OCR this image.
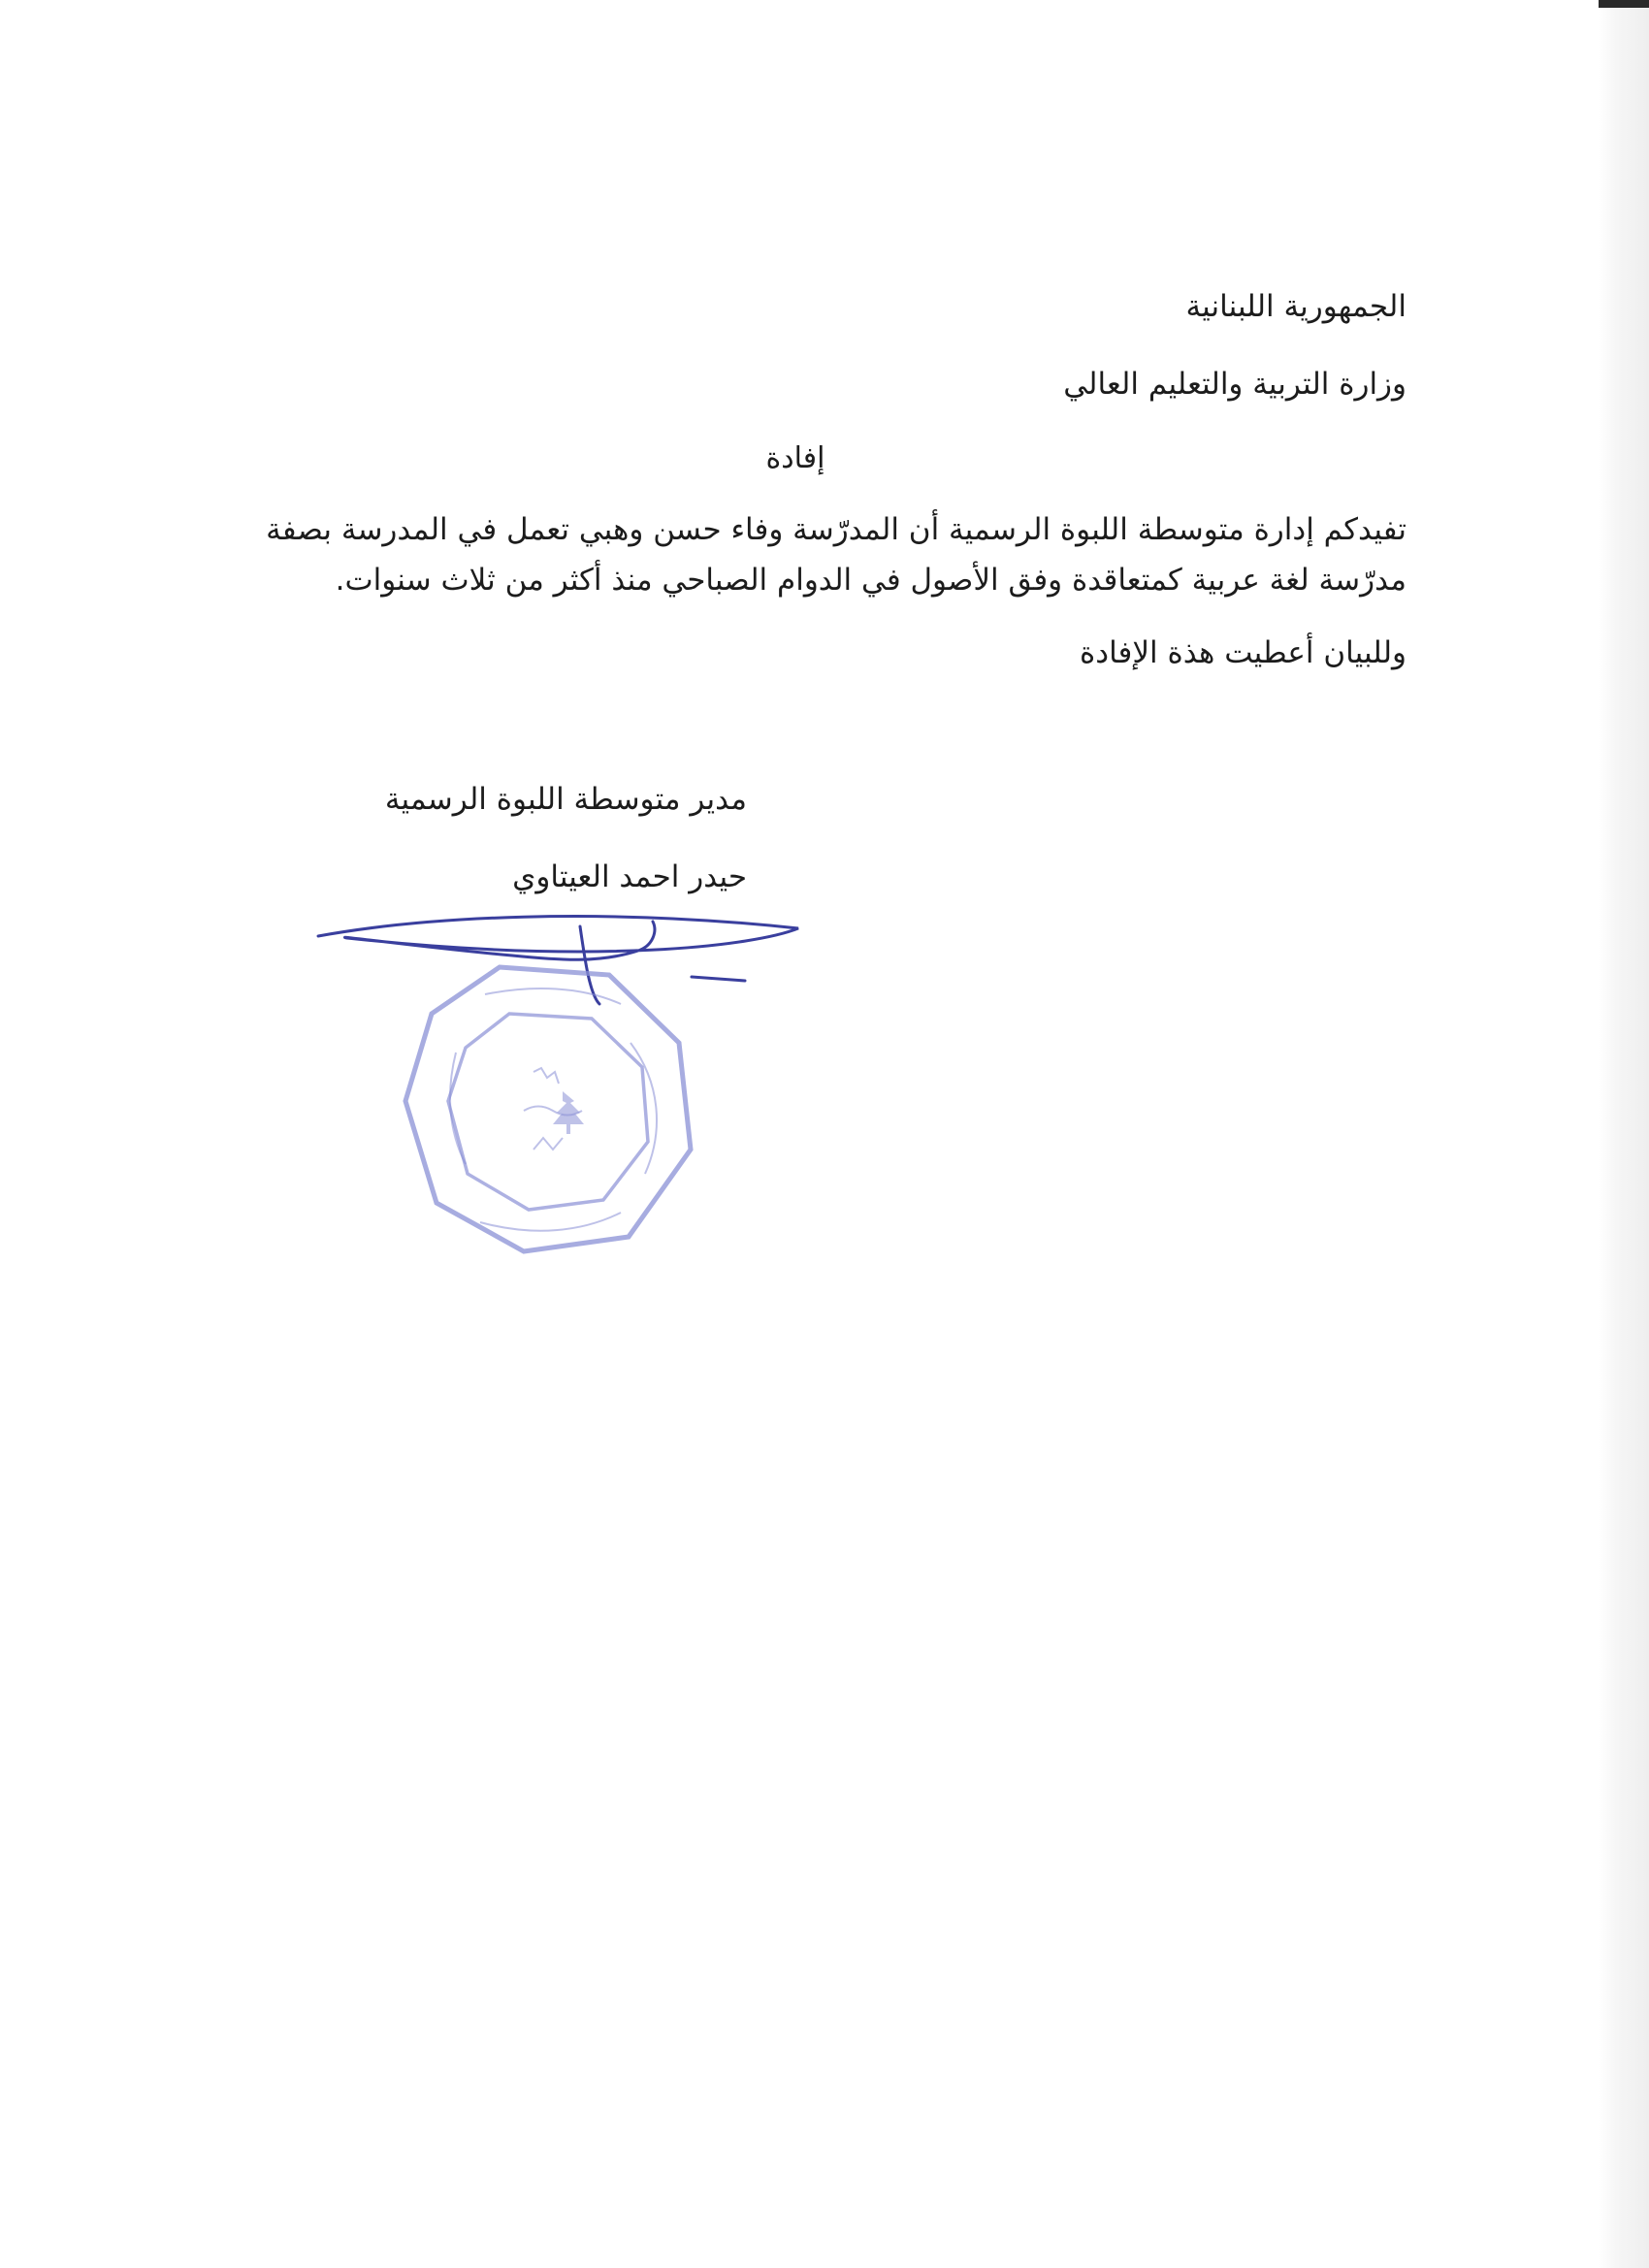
الجمهورية اللبنانية
وزارة التربية والتعليم العالي
إفادة
تفيدكم إدارة متوسطة اللبوة الرسمية أن المدرّسة وفاء حسن وهبي تعمل في المدرسة بصفة
مدرّسة لغة عربية كمتعاقدة وفق الأصول في الدوام الصباحي منذ أكثر من ثلاث سنوات.
وللبيان أعطيت هذة الإفادة
مدير متوسطة اللبوة الرسمية
حيدر احمد العيتاوي
